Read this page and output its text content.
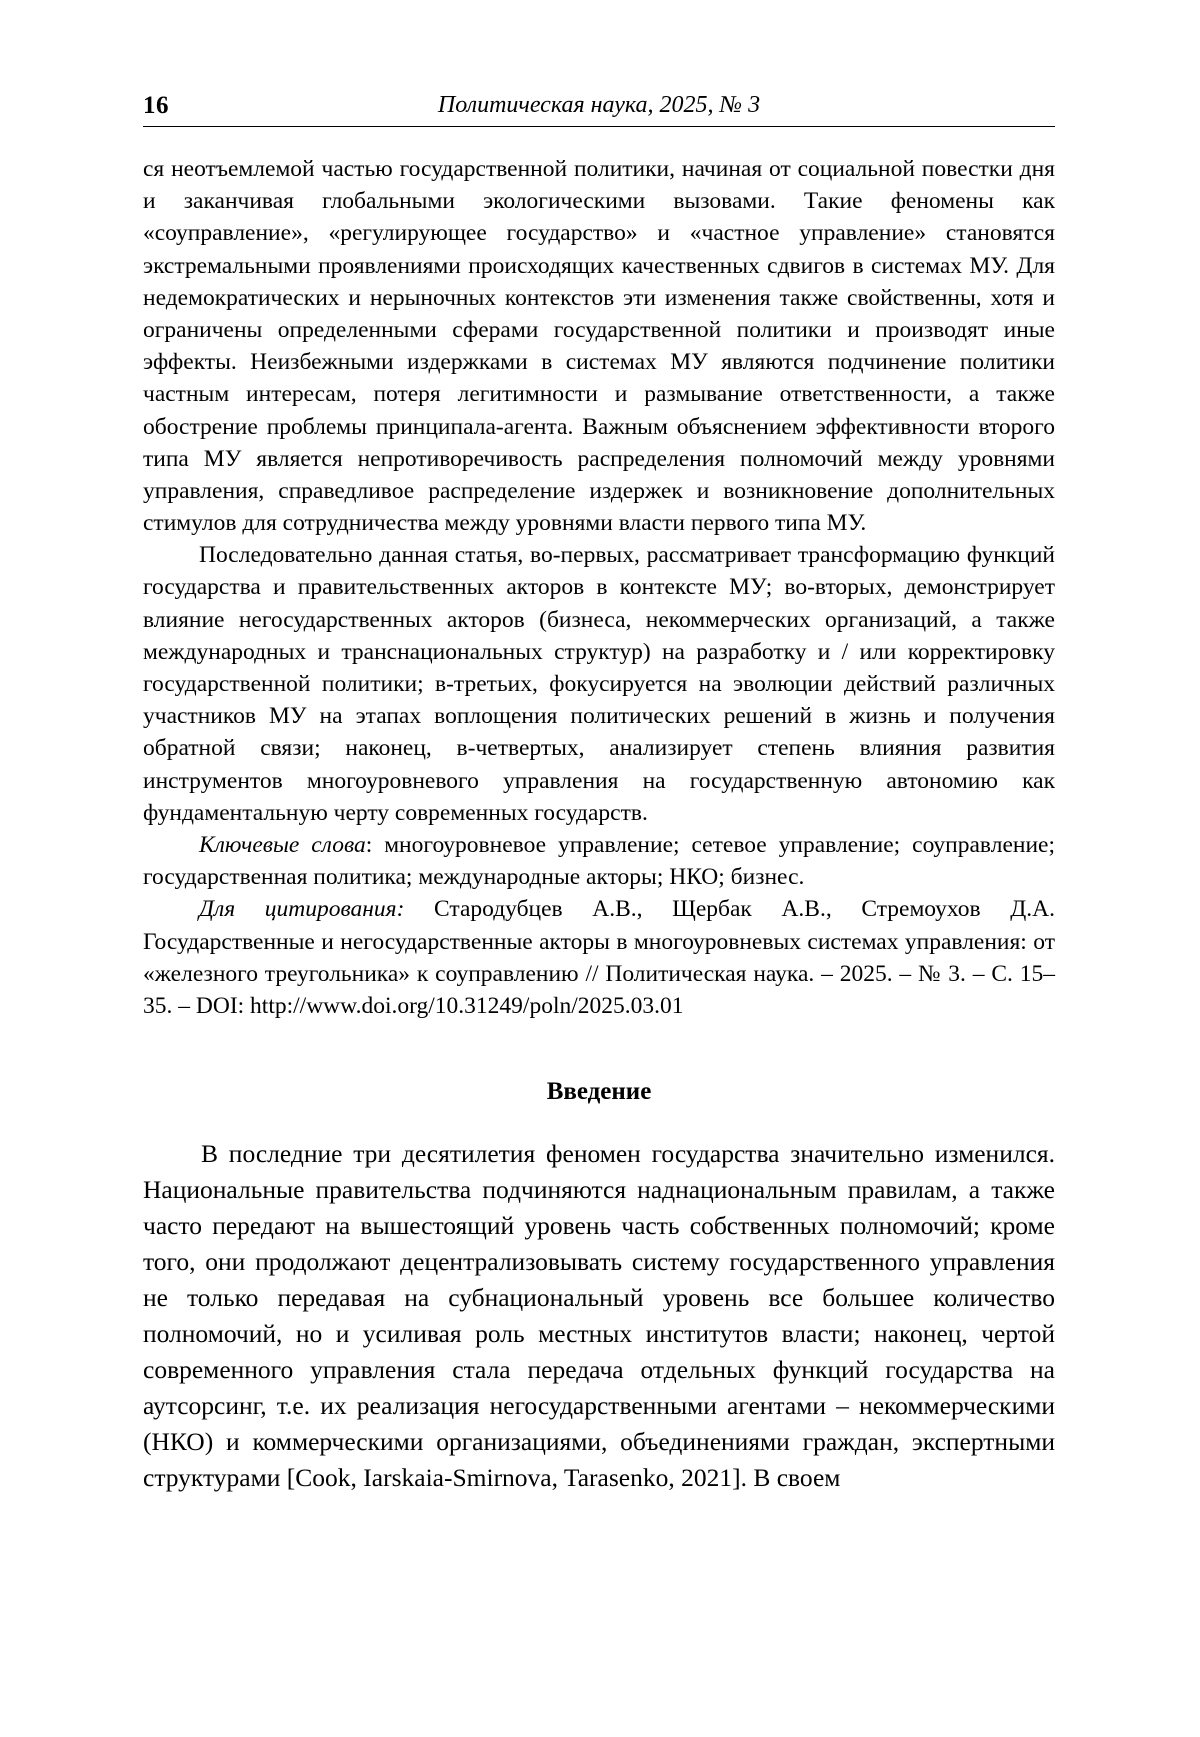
16	Политическая наука, 2025, № 3

ся неотъемлемой частью государственной политики, начиная от социальной повестки дня и заканчивая глобальными экологическими вызовами. Такие феномены как «соуправление», «регулирующее государство» и «частное управление» становятся экстремальными проявлениями происходящих качественных сдвигов в системах МУ. Для недемократических и нерыночных контекстов эти изменения также свойственны, хотя и ограничены определенными сферами государственной политики и производят иные эффекты. Неизбежными издержками в системах МУ являются подчинение политики частным интересам, потеря легитимности и размывание ответственности, а также обострение проблемы принципала-агента. Важным объяснением эффективности второго типа МУ является непротиворечивость распределения полномочий между уровнями управления, справедливое распределение издержек и возникновение дополнительных стимулов для сотрудничества между уровнями власти первого типа МУ.

Последовательно данная статья, во-первых, рассматривает трансформацию функций государства и правительственных акторов в контексте МУ; во-вторых, демонстрирует влияние негосударственных акторов (бизнеса, некоммерческих организаций, а также международных и транснациональных структур) на разработку и / или корректировку государственной политики; в-третьих, фокусируется на эволюции действий различных участников МУ на этапах воплощения политических решений в жизнь и получения обратной связи; наконец, в-четвертых, анализирует степень влияния развития инструментов многоуровневого управления на государственную автономию как фундаментальную черту современных государств.

Ключевые слова: многоуровневое управление; сетевое управление; соуправление; государственная политика; международные акторы; НКО; бизнес.

Для цитирования: Стародубцев А.В., Щербак А.В., Стремоухов Д.А. Государственные и негосударственные акторы в многоуровневых системах управления: от «железного треугольника» к соуправлению // Политическая наука. – 2025. – № 3. – С. 15–35. – DOI: http://www.doi.org/10.31249/poln/2025.03.01

Введение

В последние три десятилетия феномен государства значительно изменился. Национальные правительства подчиняются наднациональным правилам, а также часто передают на вышестоящий уровень часть собственных полномочий; кроме того, они продолжают децентрализовывать систему государственного управления не только передавая на субнациональный уровень все большее количество полномочий, но и усиливая роль местных институтов власти; наконец, чертой современного управления стала передача отдельных функций государства на аутсорсинг, т.е. их реализация негосударственными агентами – некоммерческими (НКО) и коммерческими организациями, объединениями граждан, экспертными структурами [Cook, Iarskaia-Smirnova, Tarasenko, 2021]. В своем
